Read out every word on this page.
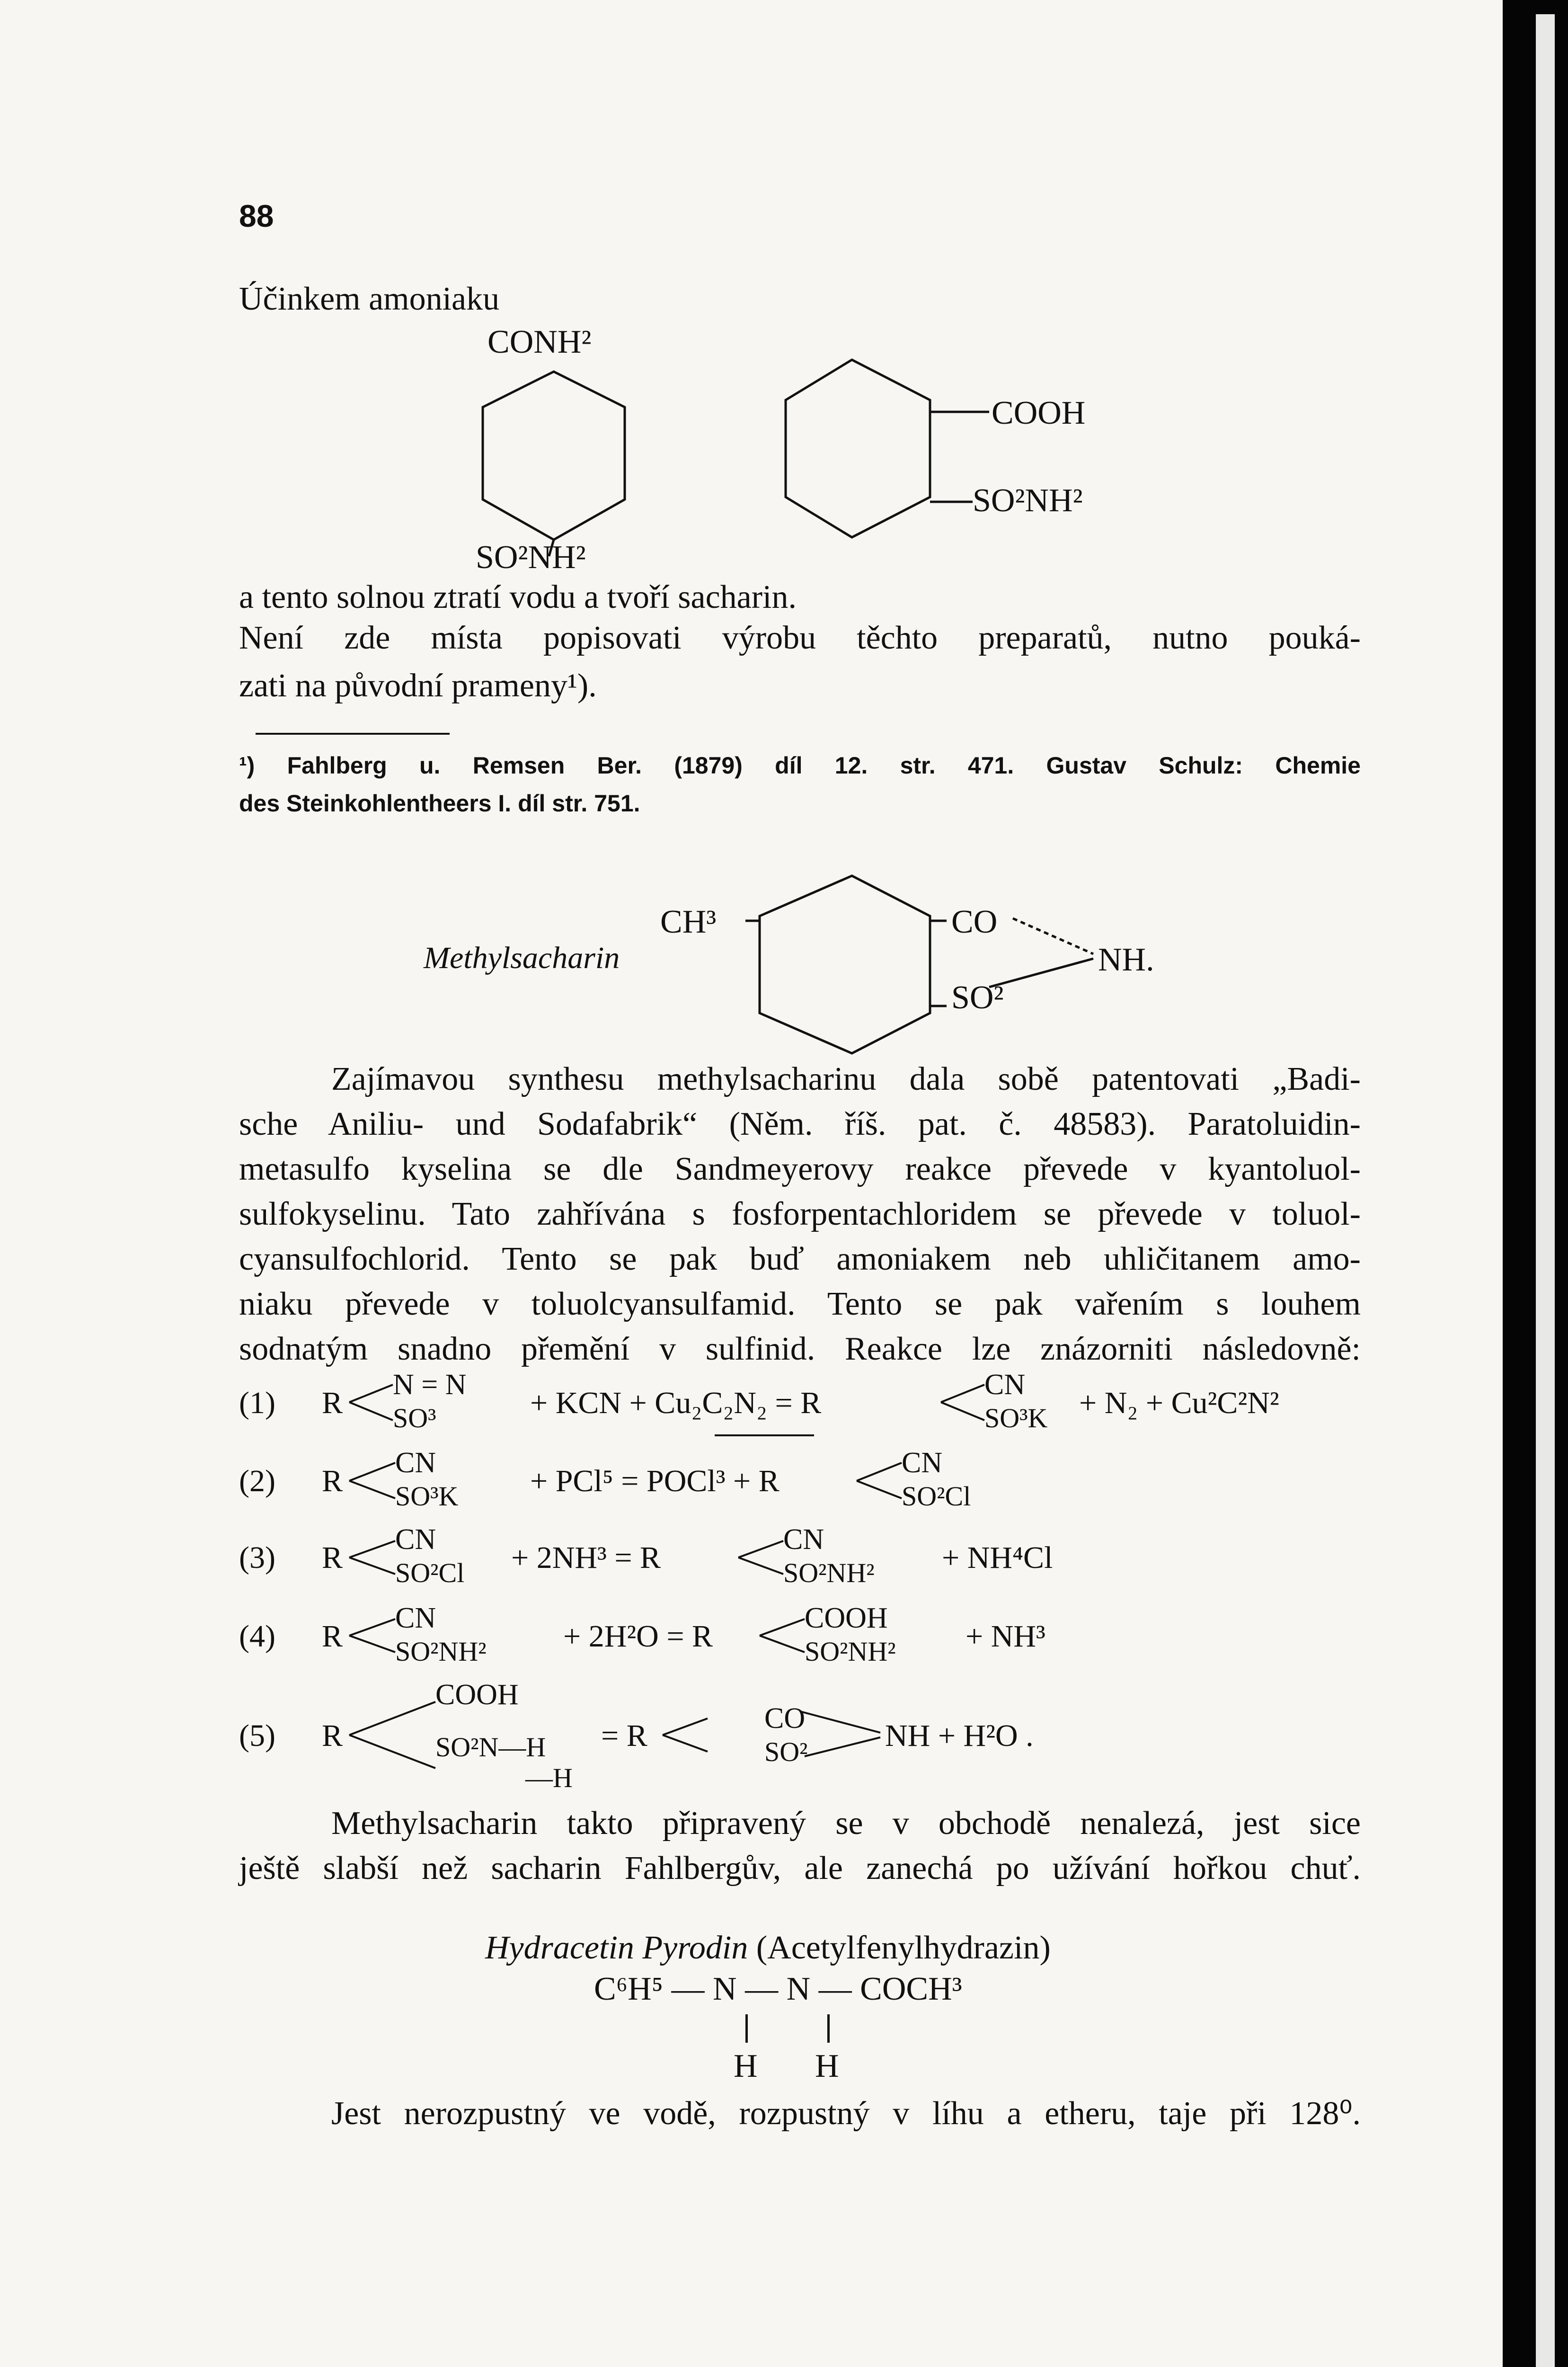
88
Účinkem amoniaku
CONH²
SO²NH²
COOH
SO²NH²
a tento solnou ztratí vodu a tvoří sacharin.
Není zde místa popisovati výrobu těchto preparatů, nutno pouká-
zati na původní prameny¹).
¹) Fahlberg u. Remsen Ber. (1879) díl 12. str. 471. Gustav Schulz: Chemie
des Steinkohlentheers I. díl str. 751.
CH³	CO
SO²
NH.
Methylsacharin
Zajímavou synthesu methylsacharinu dala sobě patentovati „Badi-
sche Aniliu- und Sodafabrik“ (Něm. říš. pat. č. 48583). Paratoluidin-
metasulfo kyselina se dle Sandmeyerovy reakce převede v kyantoluol-
sulfokyselinu. Tato zahřívána s fosforpentachloridem se převede v toluol-
cyansulfochlorid. Tento se pak buď amoniakem neb uhličitanem amo-
niaku převede v toluolcyansulfamid. Tento se pak vařením s louhem
sodnatým snadno přemění v sulfinid. Reakce lze znázorniti následovně:
(1) R
N = N
SO³	+ KCN + Cu₂C₂N₂ = R
CN
SO³K + N₂ + Cu²C²N²
(2) R
CN
SO³K + PCl⁵ = POCl³ + R
CN
SO²Cl
(3) R
CN
SO²Cl + 2NH³ = R
CN
SO²NH² + NH⁴Cl
(4) R
CN
SO²NH² + 2H²O = R
COOH
SO²NH² + NH³
(5) R
COOH
SO²N—H
—H
= R	CO
SO² NH + H²O .
Methylsacharin takto připravený se v obchodě nenalezá, jest sice
ještě slabší než sacharin Fahlbergův, ale zanechá po užívání hořkou chuť.
Hydracetin Pyrodin (Acetylfenylhydrazin)
C⁶H⁵ — N — N — COCH³
H H
Jest nerozpustný ve vodě, rozpustný v líhu a etheru, taje při 128⁰.
